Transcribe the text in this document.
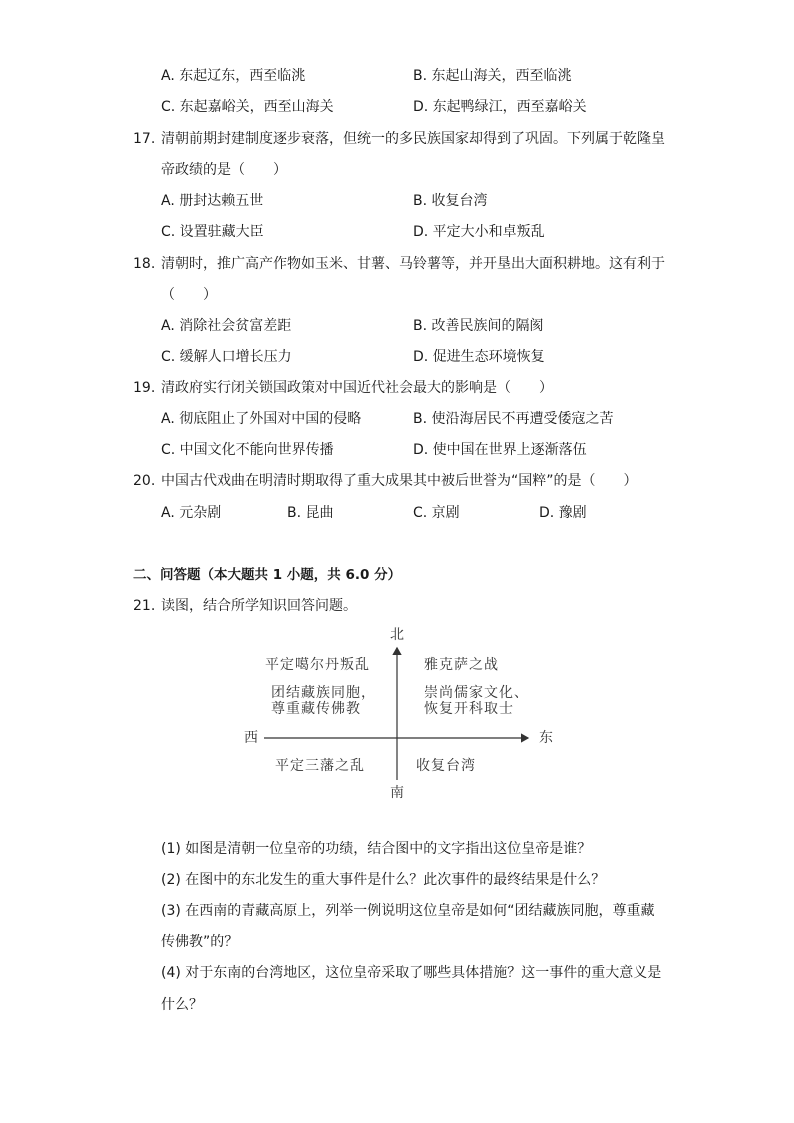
A. 东起辽东，西至临洮	B. 东起山海关，西至临洮
C. 东起嘉峪关，西至山海关	D. 东起鸭绿江，西至嘉峪关
17. 清朝前期封建制度逐步衰落，但统一的多民族国家却得到了巩固。下列属于乾隆皇
帝政绩的是（　　）
A. 册封达赖五世	B. 收复台湾
C. 设置驻藏大臣	D. 平定大小和卓叛乱
18. 清朝时，推广高产作物如玉米、甘薯、马铃薯等，并开垦出大面积耕地。这有利于
（　　）
A. 消除社会贫富差距	B. 改善民族间的隔阂
C. 缓解人口增长压力	D. 促进生态环境恢复
19. 清政府实行闭关锁国政策对中国近代社会最大的影响是（　　）
A. 彻底阻止了外国对中国的侵略	B. 使沿海居民不再遭受倭寇之苦
C. 中国文化不能向世界传播	D. 使中国在世界上逐渐落伍
20. 中国古代戏曲在明清时期取得了重大成果其中被后世誉为“国粹”的是（　　）
A. 元杂剧	B. 昆曲	C. 京剧	D. 豫剧
二、问答题（本大题共 1 小题，共 6.0 分）
21. 读图，结合所学知识回答问题。
北
南
西	东
平定噶尔丹叛乱
团结藏族同胞，
尊重藏传佛教
雅克萨之战
崇尚儒家文化、
恢复开科取士
平定三藩之乱	收复台湾
(1) 如图是清朝一位皇帝的功绩，结合图中的文字指出这位皇帝是谁？
(2) 在图中的东北发生的重大事件是什么？此次事件的最终结果是什么？
(3) 在西南的青藏高原上，列举一例说明这位皇帝是如何“团结藏族同胞，尊重藏
传佛教”的？
(4) 对于东南的台湾地区，这位皇帝采取了哪些具体措施？这一事件的重大意义是
什么？
